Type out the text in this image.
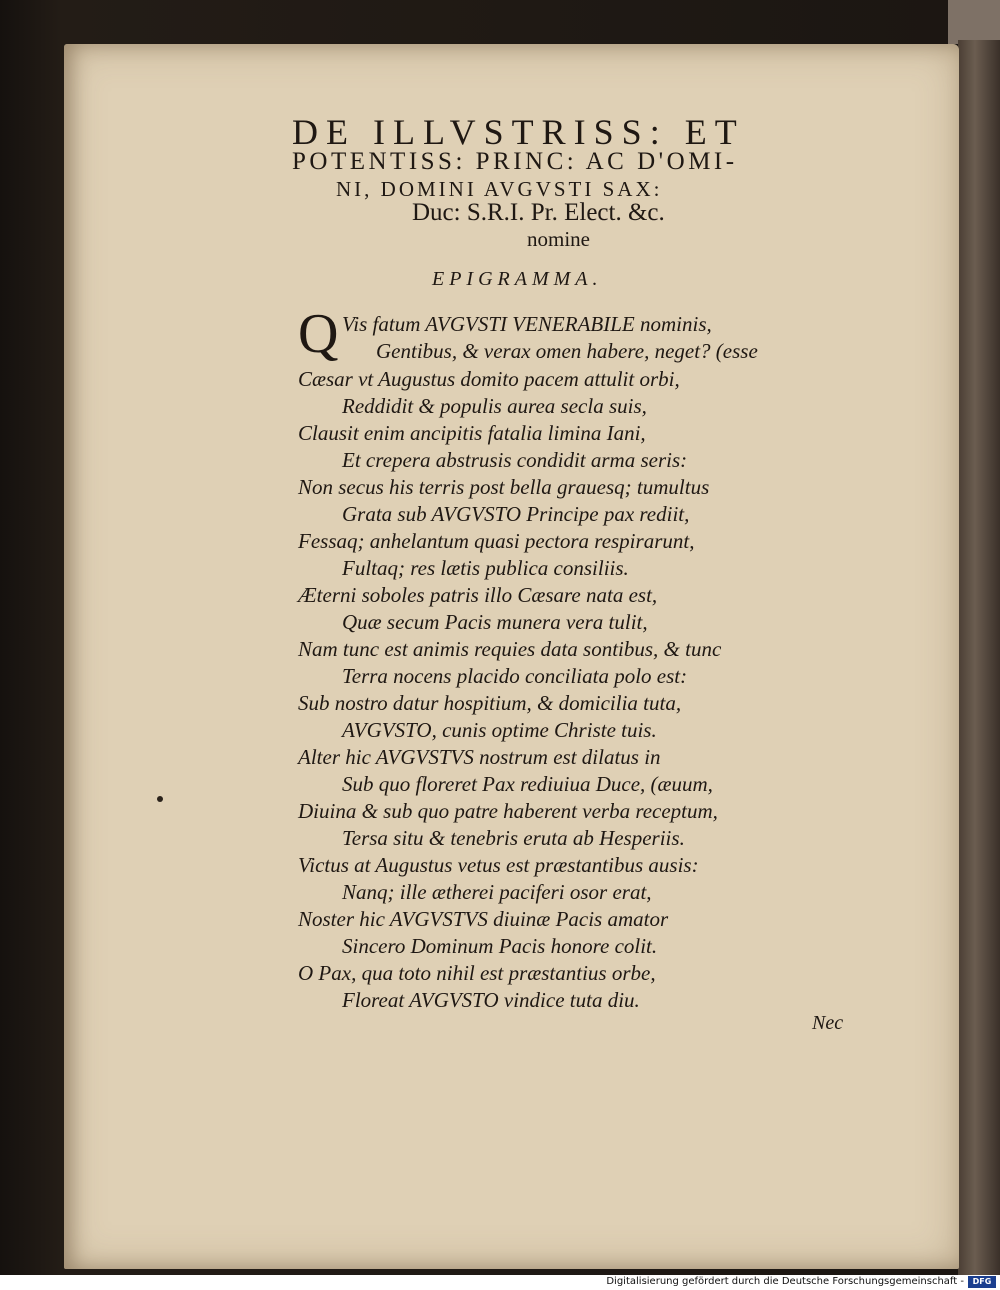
DE ILLVSTRISS: ET
POTENTISS: PRINC: AC D'OMI-
NI, DOMINI AVGVSTI SAX:
Duc: S.R.I. Pr. Elect. &c.
nomine
EPIGRAMMA.
Q Vis fatum AVGVSTI VENERABILE nominis,
Gentibus, & verax omen habere, neget? (esse
Cæsar vt Augustus domito pacem attulit orbi,
Reddidit & populis aurea secla suis,
Clausit enim ancipitis fatalia limina Iani,
Et crepera abstrusis condidit arma seris:
Non secus his terris post bella grauesq; tumultus
Grata sub AVGVSTO Principe pax rediit,
Fessaq; anhelantum quasi pectora respirarunt,
Fultaq; res lætis publica consiliis.
Æterni soboles patris illo Cæsare nata est,
Quæ secum Pacis munera vera tulit,
Nam tunc est animis requies data sontibus, & tunc
Terra nocens placido conciliata polo est:
Sub nostro datur hospitium, & domicilia tuta,
AVGVSTO, cunis optime Christe tuis.
Alter hic AVGVSTVS nostrum est dilatus in
Sub quo floreret Pax rediuiua Duce, (æuum,
Diuina & sub quo patre haberent verba receptum,
Tersa situ & tenebris eruta ab Hesperiis.
Victus at Augustus vetus est præstantibus ausis:
Nanq; ille ætherei paciferi osor erat,
Noster hic AVGVSTVS diuinæ Pacis amator
Sincero Dominum Pacis honore colit.
O Pax, qua toto nihil est præstantius orbe,
Floreat AVGVSTO vindice tuta diu.
Nec
Digitalisierung gefördert durch die Deutsche Forschungsgemeinschaft -	DFG
